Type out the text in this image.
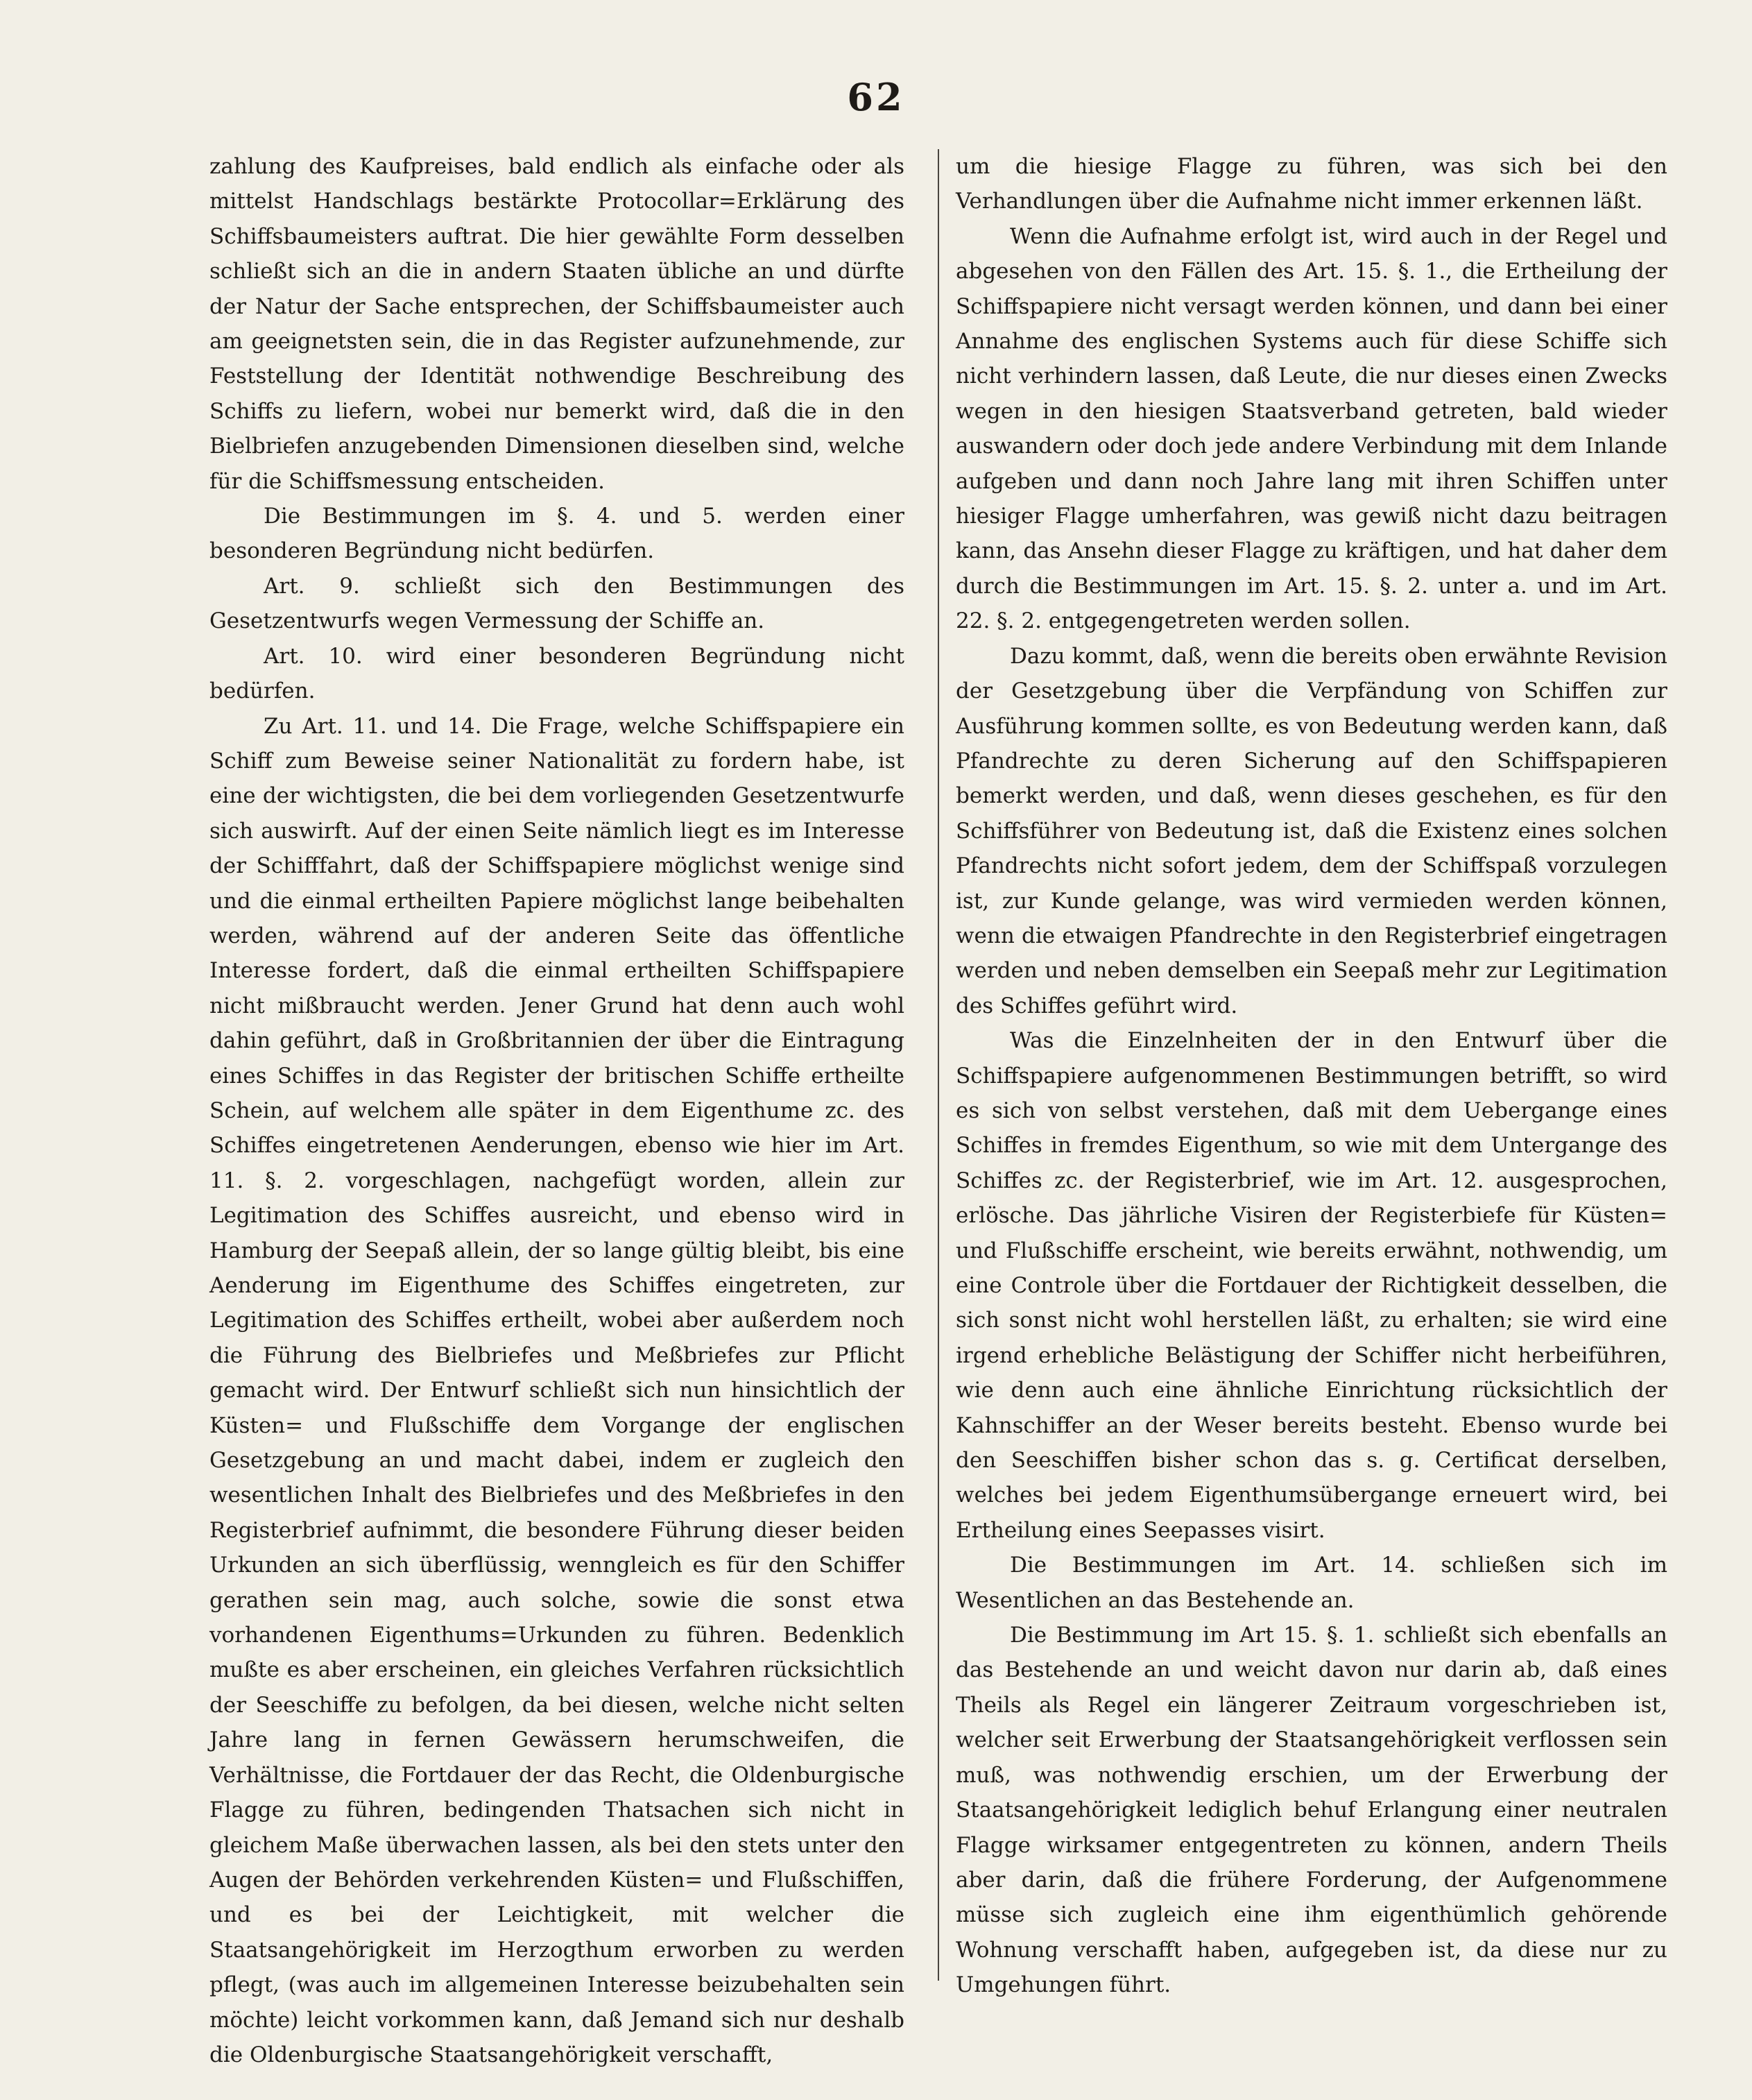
62

zahlung des Kaufpreises, bald endlich als einfache oder als mittelst Handschlags bestärkte Protocollar=Erklärung des Schiffsbaumeisters auftrat. Die hier gewählte Form desselben schließt sich an die in andern Staaten übliche an und dürfte der Natur der Sache entsprechen, der Schiffsbaumeister auch am geeignetsten sein, die in das Register aufzunehmende, zur Feststellung der Identität nothwendige Beschreibung des Schiffs zu liefern, wobei nur bemerkt wird, daß die in den Bielbriefen anzugebenden Dimensionen dieselben sind, welche für die Schiffsmessung entscheiden.

Die Bestimmungen im §. 4. und 5. werden einer besonderen Begründung nicht bedürfen.

Art. 9. schließt sich den Bestimmungen des Gesetzentwurfs wegen Vermessung der Schiffe an.

Art. 10. wird einer besonderen Begründung nicht bedürfen.

Zu Art. 11. und 14. Die Frage, welche Schiffspapiere ein Schiff zum Beweise seiner Nationalität zu fordern habe, ist eine der wichtigsten, die bei dem vorliegenden Gesetzentwurfe sich auswirft. Auf der einen Seite nämlich liegt es im Interesse der Schifffahrt, daß der Schiffspapiere möglichst wenige sind und die einmal ertheilten Papiere möglichst lange beibehalten werden, während auf der anderen Seite das öffentliche Interesse fordert, daß die einmal ertheilten Schiffspapiere nicht mißbraucht werden. Jener Grund hat denn auch wohl dahin geführt, daß in Großbritannien der über die Eintragung eines Schiffes in das Register der britischen Schiffe ertheilte Schein, auf welchem alle später in dem Eigenthume zc. des Schiffes eingetretenen Aenderungen, ebenso wie hier im Art. 11. §. 2. vorgeschlagen, nachgefügt worden, allein zur Legitimation des Schiffes ausreicht, und ebenso wird in Hamburg der Seepaß allein, der so lange gültig bleibt, bis eine Aenderung im Eigenthume des Schiffes eingetreten, zur Legitimation des Schiffes ertheilt, wobei aber außerdem noch die Führung des Bielbriefes und Meßbriefes zur Pflicht gemacht wird. Der Entwurf schließt sich nun hinsichtlich der Küsten= und Flußschiffe dem Vorgange der englischen Gesetzgebung an und macht dabei, indem er zugleich den wesentlichen Inhalt des Bielbriefes und des Meßbriefes in den Registerbrief aufnimmt, die besondere Führung dieser beiden Urkunden an sich überflüssig, wenngleich es für den Schiffer gerathen sein mag, auch solche, sowie die sonst etwa vorhandenen Eigenthums=Urkunden zu führen. Bedenklich mußte es aber erscheinen, ein gleiches Verfahren rücksichtlich der Seeschiffe zu befolgen, da bei diesen, welche nicht selten Jahre lang in fernen Gewässern herumschweifen, die Verhältnisse, die Fortdauer der das Recht, die Oldenburgische Flagge zu führen, bedingenden Thatsachen sich nicht in gleichem Maße überwachen lassen, als bei den stets unter den Augen der Behörden verkehrenden Küsten= und Flußschiffen, und es bei der Leichtigkeit, mit welcher die Staatsangehörigkeit im Herzogthum erworben zu werden pflegt, (was auch im allgemeinen Interesse beizubehalten sein möchte) leicht vorkommen kann, daß Jemand sich nur deshalb die Oldenburgische Staatsangehörigkeit verschafft,

um die hiesige Flagge zu führen, was sich bei den Verhandlungen über die Aufnahme nicht immer erkennen läßt.

Wenn die Aufnahme erfolgt ist, wird auch in der Regel und abgesehen von den Fällen des Art. 15. §. 1., die Ertheilung der Schiffspapiere nicht versagt werden können, und dann bei einer Annahme des englischen Systems auch für diese Schiffe sich nicht verhindern lassen, daß Leute, die nur dieses einen Zwecks wegen in den hiesigen Staatsverband getreten, bald wieder auswandern oder doch jede andere Verbindung mit dem Inlande aufgeben und dann noch Jahre lang mit ihren Schiffen unter hiesiger Flagge umherfahren, was gewiß nicht dazu beitragen kann, das Ansehn dieser Flagge zu kräftigen, und hat daher dem durch die Bestimmungen im Art. 15. §. 2. unter a. und im Art. 22. §. 2. entgegengetreten werden sollen.

Dazu kommt, daß, wenn die bereits oben erwähnte Revision der Gesetzgebung über die Verpfändung von Schiffen zur Ausführung kommen sollte, es von Bedeutung werden kann, daß Pfandrechte zu deren Sicherung auf den Schiffspapieren bemerkt werden, und daß, wenn dieses geschehen, es für den Schiffsführer von Bedeutung ist, daß die Existenz eines solchen Pfandrechts nicht sofort jedem, dem der Schiffspaß vorzulegen ist, zur Kunde gelange, was wird vermieden werden können, wenn die etwaigen Pfandrechte in den Registerbrief eingetragen werden und neben demselben ein Seepaß mehr zur Legitimation des Schiffes geführt wird.

Was die Einzelnheiten der in den Entwurf über die Schiffspapiere aufgenommenen Bestimmungen betrifft, so wird es sich von selbst verstehen, daß mit dem Uebergange eines Schiffes in fremdes Eigenthum, so wie mit dem Untergange des Schiffes zc. der Registerbrief, wie im Art. 12. ausgesprochen, erlösche. Das jährliche Visiren der Registerbiefe für Küsten= und Flußschiffe erscheint, wie bereits erwähnt, nothwendig, um eine Controle über die Fortdauer der Richtigkeit desselben, die sich sonst nicht wohl herstellen läßt, zu erhalten; sie wird eine irgend erhebliche Belästigung der Schiffer nicht herbeiführen, wie denn auch eine ähnliche Einrichtung rücksichtlich der Kahnschiffer an der Weser bereits besteht. Ebenso wurde bei den Seeschiffen bisher schon das s. g. Certificat derselben, welches bei jedem Eigenthumsübergange erneuert wird, bei Ertheilung eines Seepasses visirt.

Die Bestimmungen im Art. 14. schließen sich im Wesentlichen an das Bestehende an.

Die Bestimmung im Art 15. §. 1. schließt sich ebenfalls an das Bestehende an und weicht davon nur darin ab, daß eines Theils als Regel ein längerer Zeitraum vorgeschrieben ist, welcher seit Erwerbung der Staatsangehörigkeit verflossen sein muß, was nothwendig erschien, um der Erwerbung der Staatsangehörigkeit lediglich behuf Erlangung einer neutralen Flagge wirksamer entgegentreten zu können, andern Theils aber darin, daß die frühere Forderung, der Aufgenommene müsse sich zugleich eine ihm eigenthümlich gehörende Wohnung verschafft haben, aufgegeben ist, da diese nur zu Umgehungen führt.
